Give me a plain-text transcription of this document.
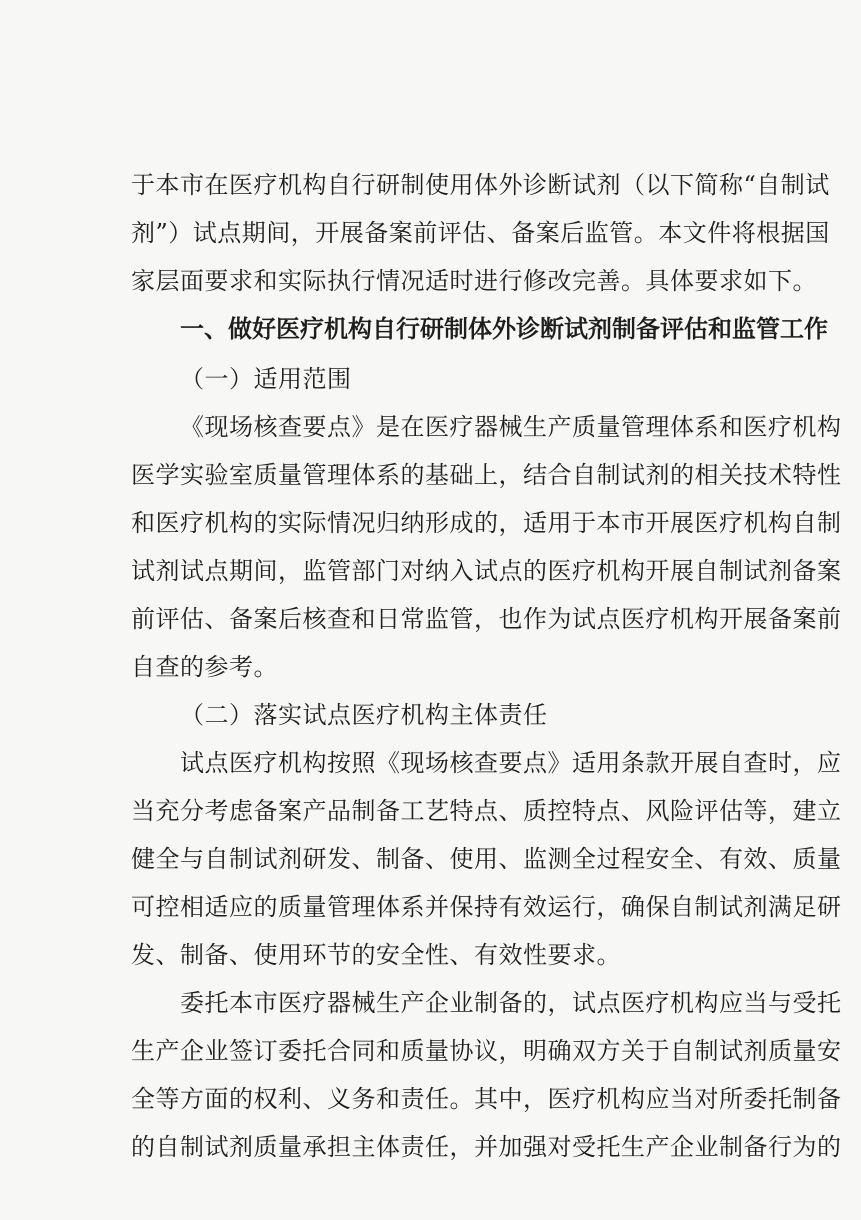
于本市在医疗机构自行研制使用体外诊断试剂（以下简称“自制试
剂”）试点期间，开展备案前评估、备案后监管。本文件将根据国
家层面要求和实际执行情况适时进行修改完善。具体要求如下。
一、做好医疗机构自行研制体外诊断试剂制备评估和监管工作
（一）适用范围
《现场核查要点》是在医疗器械生产质量管理体系和医疗机构
医学实验室质量管理体系的基础上，结合自制试剂的相关技术特性
和医疗机构的实际情况归纳形成的，适用于本市开展医疗机构自制
试剂试点期间，监管部门对纳入试点的医疗机构开展自制试剂备案
前评估、备案后核查和日常监管，也作为试点医疗机构开展备案前
自查的参考。
（二）落实试点医疗机构主体责任
试点医疗机构按照《现场核查要点》适用条款开展自查时，应
当充分考虑备案产品制备工艺特点、质控特点、风险评估等，建立
健全与自制试剂研发、制备、使用、监测全过程安全、有效、质量
可控相适应的质量管理体系并保持有效运行，确保自制试剂满足研
发、制备、使用环节的安全性、有效性要求。
委托本市医疗器械生产企业制备的，试点医疗机构应当与受托
生产企业签订委托合同和质量协议，明确双方关于自制试剂质量安
全等方面的权利、义务和责任。其中，医疗机构应当对所委托制备
的自制试剂质量承担主体责任，并加强对受托生产企业制备行为的
